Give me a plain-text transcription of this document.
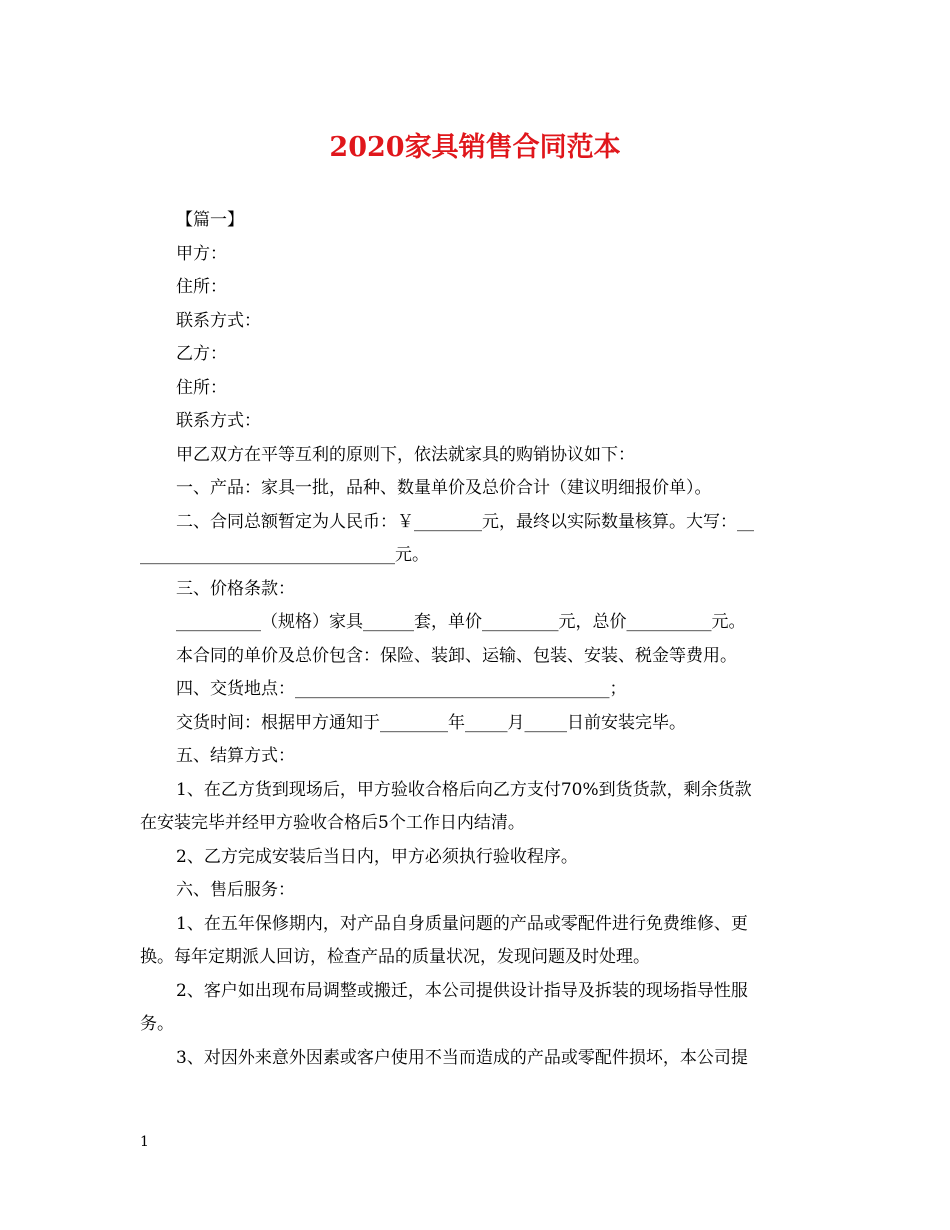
2020家具销售合同范本
【篇一】
甲方：
住所：
联系方式：
乙方：
住所：
联系方式：
甲乙双方在平等互利的原则下，依法就家具的购销协议如下：
一、产品：家具一批，品种、数量单价及总价合计（建议明细报价单）。
二、合同总额暂定为人民币：￥________元，最终以实际数量核算。大写：__
______________________________元。
三、价格条款：
__________（规格）家具______套，单价_________元，总价__________元。
本合同的单价及总价包含：保险、装卸、运输、包装、安装、税金等费用。
四、交货地点：_____________________________________；
交货时间：根据甲方通知于________年_____月_____日前安装完毕。
五、结算方式：
1、在乙方货到现场后，甲方验收合格后向乙方支付70%到货货款，剩余货款
在安装完毕并经甲方验收合格后5个工作日内结清。
2、乙方完成安装后当日内，甲方必须执行验收程序。
六、售后服务：
1、在五年保修期内，对产品自身质量问题的产品或零配件进行免费维修、更
换。每年定期派人回访，检查产品的质量状况，发现问题及时处理。
2、客户如出现布局调整或搬迁，本公司提供设计指导及拆装的现场指导性服
务。
3、对因外来意外因素或客户使用不当而造成的产品或零配件损坏，本公司提
1
